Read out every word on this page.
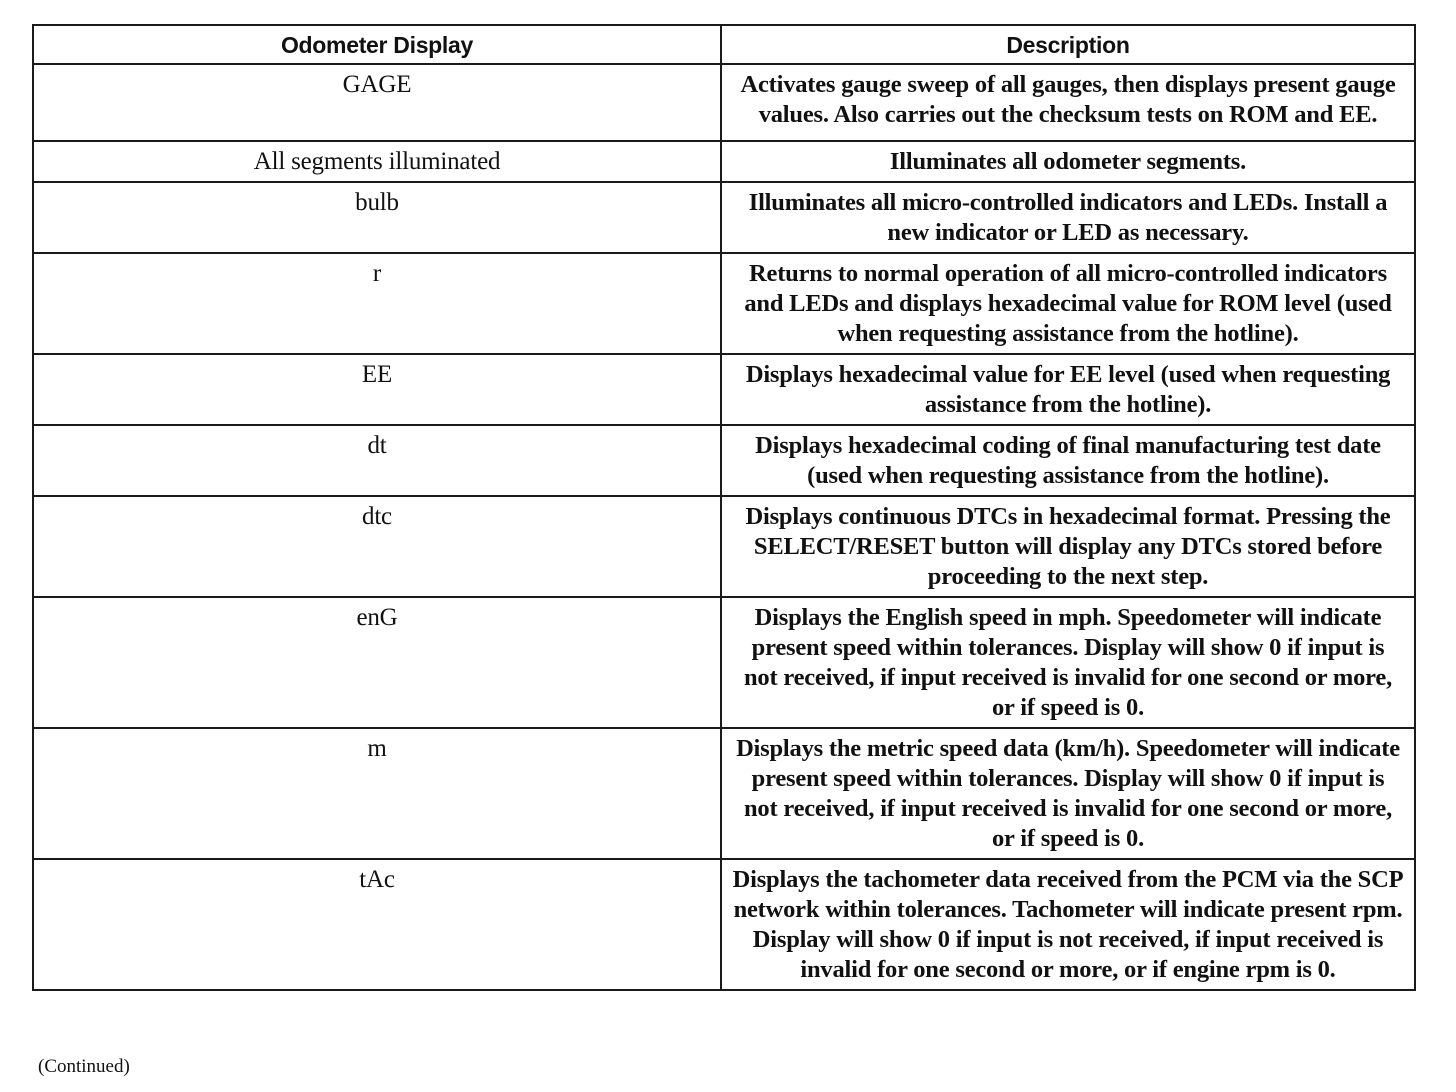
Odometer Display	Description
GAGE	Activates gauge sweep of all gauges, then displays present gauge values. Also carries out the checksum tests on ROM and EE.
All segments illuminated	Illuminates all odometer segments.
bulb	Illuminates all micro-controlled indicators and LEDs. Install a new indicator or LED as necessary.
r	Returns to normal operation of all micro-controlled indicators and LEDs and displays hexadecimal value for ROM level (used when requesting assistance from the hotline).
EE	Displays hexadecimal value for EE level (used when requesting assistance from the hotline).
dt	Displays hexadecimal coding of final manufacturing test date (used when requesting assistance from the hotline).
dtc	Displays continuous DTCs in hexadecimal format. Pressing the SELECT/RESET button will display any DTCs stored before proceeding to the next step.
enG	Displays the English speed in mph. Speedometer will indicate present speed within tolerances. Display will show 0 if input is not received, if input received is invalid for one second or more, or if speed is 0.
m	Displays the metric speed data (km/h). Speedometer will indicate present speed within tolerances. Display will show 0 if input is not received, if input received is invalid for one second or more, or if speed is 0.
tAc	Displays the tachometer data received from the PCM via the SCP network within tolerances. Tachometer will indicate present rpm. Display will show 0 if input is not received, if input received is invalid for one second or more, or if engine rpm is 0.
(Continued)
